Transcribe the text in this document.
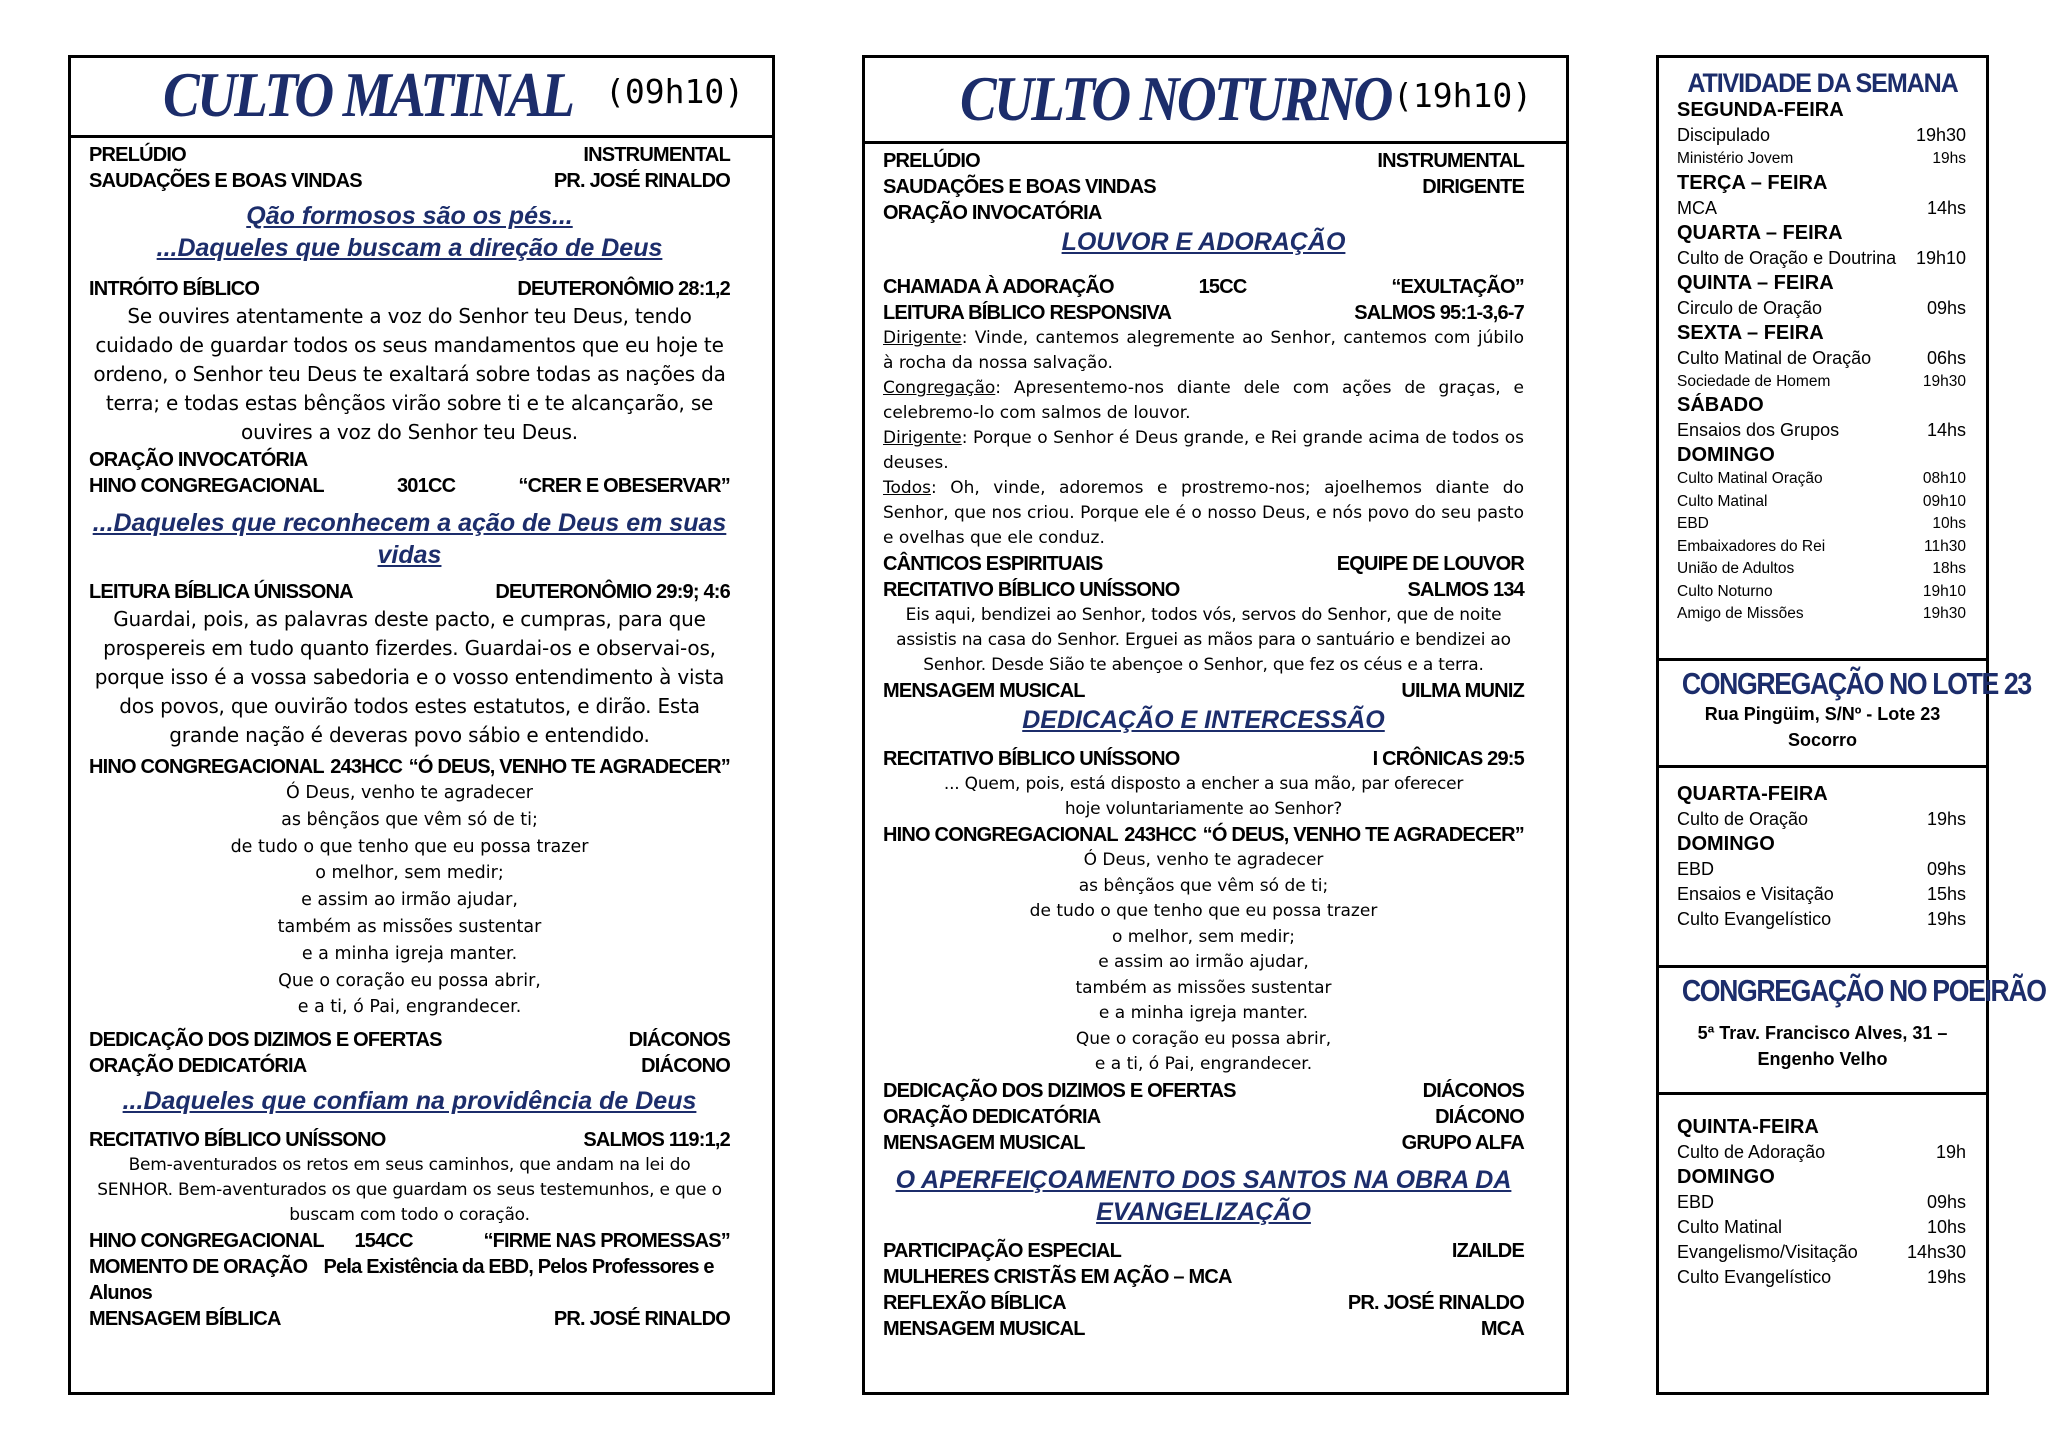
CULTO MATINAL (09h10)
PRELÚDIO	INSTRUMENTAL
SAUDAÇÕES E BOAS VINDAS	PR. JOSÉ RINALDO
Qão formosos são os pés...
...Daqueles que buscam a direção de Deus
INTRÓITO BÍBLICO	DEUTERONÔMIO 28:1,2
Se ouvires atentamente a voz do Senhor teu Deus, tendo cuidado de guardar todos os seus mandamentos que eu hoje te ordeno, o Senhor teu Deus te exaltará sobre todas as nações da terra; e todas estas bênçãos virão sobre ti e te alcançarão, se ouvires a voz do Senhor teu Deus.
ORAÇÃO INVOCATÓRIA
HINO CONGREGACIONAL	301CC	“CRER E OBESERVAR”
...Daqueles que reconhecem a ação de Deus em suas vidas
LEITURA BÍBLICA ÚNISSONA	DEUTERONÔMIO 29:9; 4:6
Guardai, pois, as palavras deste pacto, e cumpras, para que prospereis em tudo quanto fizerdes. Guardai-os e observai-os, porque isso é a vossa sabedoria e o vosso entendimento à vista dos povos, que ouvirão todos estes estatutos, e dirão. Esta grande nação é deveras povo sábio e entendido.
HINO CONGREGACIONAL 243HCC “Ó DEUS, VENHO TE AGRADECER”
Ó Deus, venho te agradecer
as bênçãos que vêm só de ti;
de tudo o que tenho que eu possa trazer
o melhor, sem medir;
e assim ao irmão ajudar,
também as missões sustentar
e a minha igreja manter.
Que o coração eu possa abrir,
e a ti, ó Pai, engrandecer.
DEDICAÇÃO DOS DIZIMOS E OFERTAS	DIÁCONOS
ORAÇÃO DEDICATÓRIA	DIÁCONO
...Daqueles que confiam na providência de Deus
RECITATIVO BÍBLICO UNÍSSONO	SALMOS 119:1,2
Bem-aventurados os retos em seus caminhos, que andam na lei do SENHOR. Bem-aventurados os que guardam os seus testemunhos, e que o buscam com todo o coração.
HINO CONGREGACIONAL	154CC	“FIRME NAS PROMESSAS”
MOMENTO DE ORAÇÃO Pela Existência da EBD, Pelos Professores e
Alunos
MENSAGEM BÍBLICA	PR. JOSÉ RINALDO
CULTO NOTURNO (19h10)
PRELÚDIO	INSTRUMENTAL
SAUDAÇÕES E BOAS VINDAS	DIRIGENTE
ORAÇÃO INVOCATÓRIA
LOUVOR E ADORAÇÃO
CHAMADA À ADORAÇÃO	15CC	“EXULTAÇÃO”
LEITURA BÍBLICO RESPONSIVA	SALMOS 95:1-3,6-7
Dirigente: Vinde, cantemos alegremente ao Senhor, cantemos com júbilo à rocha da nossa salvação.
Congregação: Apresentemo-nos diante dele com ações de graças, e celebremo-lo com salmos de louvor.
Dirigente: Porque o Senhor é Deus grande, e Rei grande acima de todos os deuses.
Todos: Oh, vinde, adoremos e prostremo-nos; ajoelhemos diante do Senhor, que nos criou. Porque ele é o nosso Deus, e nós povo do seu pasto e ovelhas que ele conduz.
CÂNTICOS ESPIRITUAIS	EQUIPE DE LOUVOR
RECITATIVO BÍBLICO UNÍSSONO	SALMOS 134
Eis aqui, bendizei ao Senhor, todos vós, servos do Senhor, que de noite assistis na casa do Senhor. Erguei as mãos para o santuário e bendizei ao Senhor. Desde Sião te abençoe o Senhor, que fez os céus e a terra.
MENSAGEM MUSICAL	UILMA MUNIZ
DEDICAÇÃO E INTERCESSÃO
RECITATIVO BÍBLICO UNÍSSONO	I CRÔNICAS 29:5
... Quem, pois, está disposto a encher a sua mão, par oferecer hoje voluntariamente ao Senhor?
HINO CONGREGACIONAL 243HCC “Ó DEUS, VENHO TE AGRADECER”
Ó Deus, venho te agradecer
as bênçãos que vêm só de ti;
de tudo o que tenho que eu possa trazer
o melhor, sem medir;
e assim ao irmão ajudar,
também as missões sustentar
e a minha igreja manter.
Que o coração eu possa abrir,
e a ti, ó Pai, engrandecer.
DEDICAÇÃO DOS DIZIMOS E OFERTAS	DIÁCONOS
ORAÇÃO DEDICATÓRIA	DIÁCONO
MENSAGEM MUSICAL	GRUPO ALFA
O APERFEIÇOAMENTO DOS SANTOS NA OBRA DA
EVANGELIZAÇÃO
PARTICIPAÇÃO ESPECIAL	IZAILDE
MULHERES CRISTÃS EM AÇÃO – MCA
REFLEXÃO BÍBLICA	PR. JOSÉ RINALDO
MENSAGEM MUSICAL	MCA
ATIVIDADE DA SEMANA
SEGUNDA-FEIRA
Discipulado	19h30
Ministério Jovem	19hs
TERÇA – FEIRA
MCA	14hs
QUARTA – FEIRA
Culto de Oração e Doutrina 19h10
QUINTA – FEIRA
Circulo de Oração	09hs
SEXTA – FEIRA
Culto Matinal de Oração	06hs
Sociedade de Homem	19h30
SÁBADO
Ensaios dos Grupos	14hs
DOMINGO
Culto Matinal Oração	08h10
Culto Matinal	09h10
EBD	10hs
Embaixadores do Rei	11h30
União de Adultos	18hs
Culto Noturno	19h10
Amigo de Missões	19h30
CONGREGAÇÃO NO LOTE 23
Rua Pingüim, S/Nº - Lote 23
Socorro
QUARTA-FEIRA
Culto de Oração	19hs
DOMINGO
EBD	09hs
Ensaios e Visitação	15hs
Culto Evangelístico	19hs
CONGREGAÇÃO NO POEIRÃO
5ª Trav. Francisco Alves, 31 –
Engenho Velho
QUINTA-FEIRA
Culto de Adoração	19h
DOMINGO
EBD	09hs
Culto Matinal	10hs
Evangelismo/Visitação	14hs30
Culto Evangelístico	19hs
